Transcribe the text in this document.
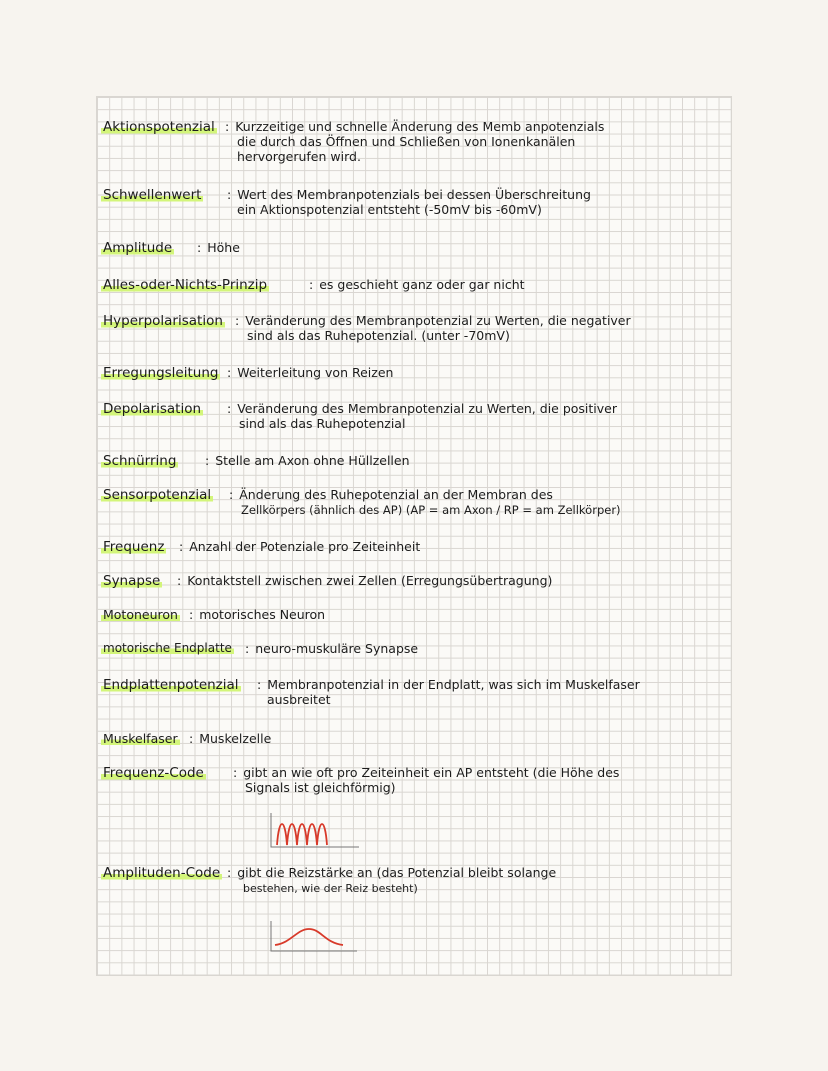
Aktionspotenzial : Kurzzeitige und schnelle Änderung des Memb anpotenzials
die durch das Öffnen und Schließen von Ionenkanälen
hervorgerufen wird.
Schwellenwert : Wert des Membranpotenzials bei dessen Überschreitung
ein Aktionspotenzial entsteht (-50mV bis -60mV)
Amplitude : Höhe
Alles-oder-Nichts-Prinzip	: es geschieht ganz oder gar nicht
Hyperpolarisation : Veränderung des Membranpotenzial zu Werten, die negativer
sind als das Ruhepotenzial. (unter -70mV)
Erregungsleitung : Weiterleitung von Reizen
Depolarisation : Veränderung des Membranpotenzial zu Werten, die positiver
sind als das Ruhepotenzial
Schnürring : Stelle am Axon ohne Hüllzellen
Sensorpotenzial : Änderung des Ruhepotenzial an der Membran des
Zellkörpers (ähnlich des AP) (AP = am Axon / RP = am Zellkörper)
Frequenz : Anzahl der Potenziale pro Zeiteinheit
Synapse : Kontaktstell zwischen zwei Zellen (Erregungsübertragung)
Motoneuron : motorisches Neuron
motorische Endplatte : neuro-muskuläre Synapse
Endplattenpotenzial : Membranpotenzial in der Endplatt, was sich im Muskelfaser
ausbreitet
Muskelfaser : Muskelzelle
Frequenz-Code : gibt an wie oft pro Zeiteinheit ein AP entsteht (die Höhe des
Signals ist gleichförmig)
Amplituden-Code : gibt die Reizstärke an (das Potenzial bleibt solange
bestehen, wie der Reiz besteht)
